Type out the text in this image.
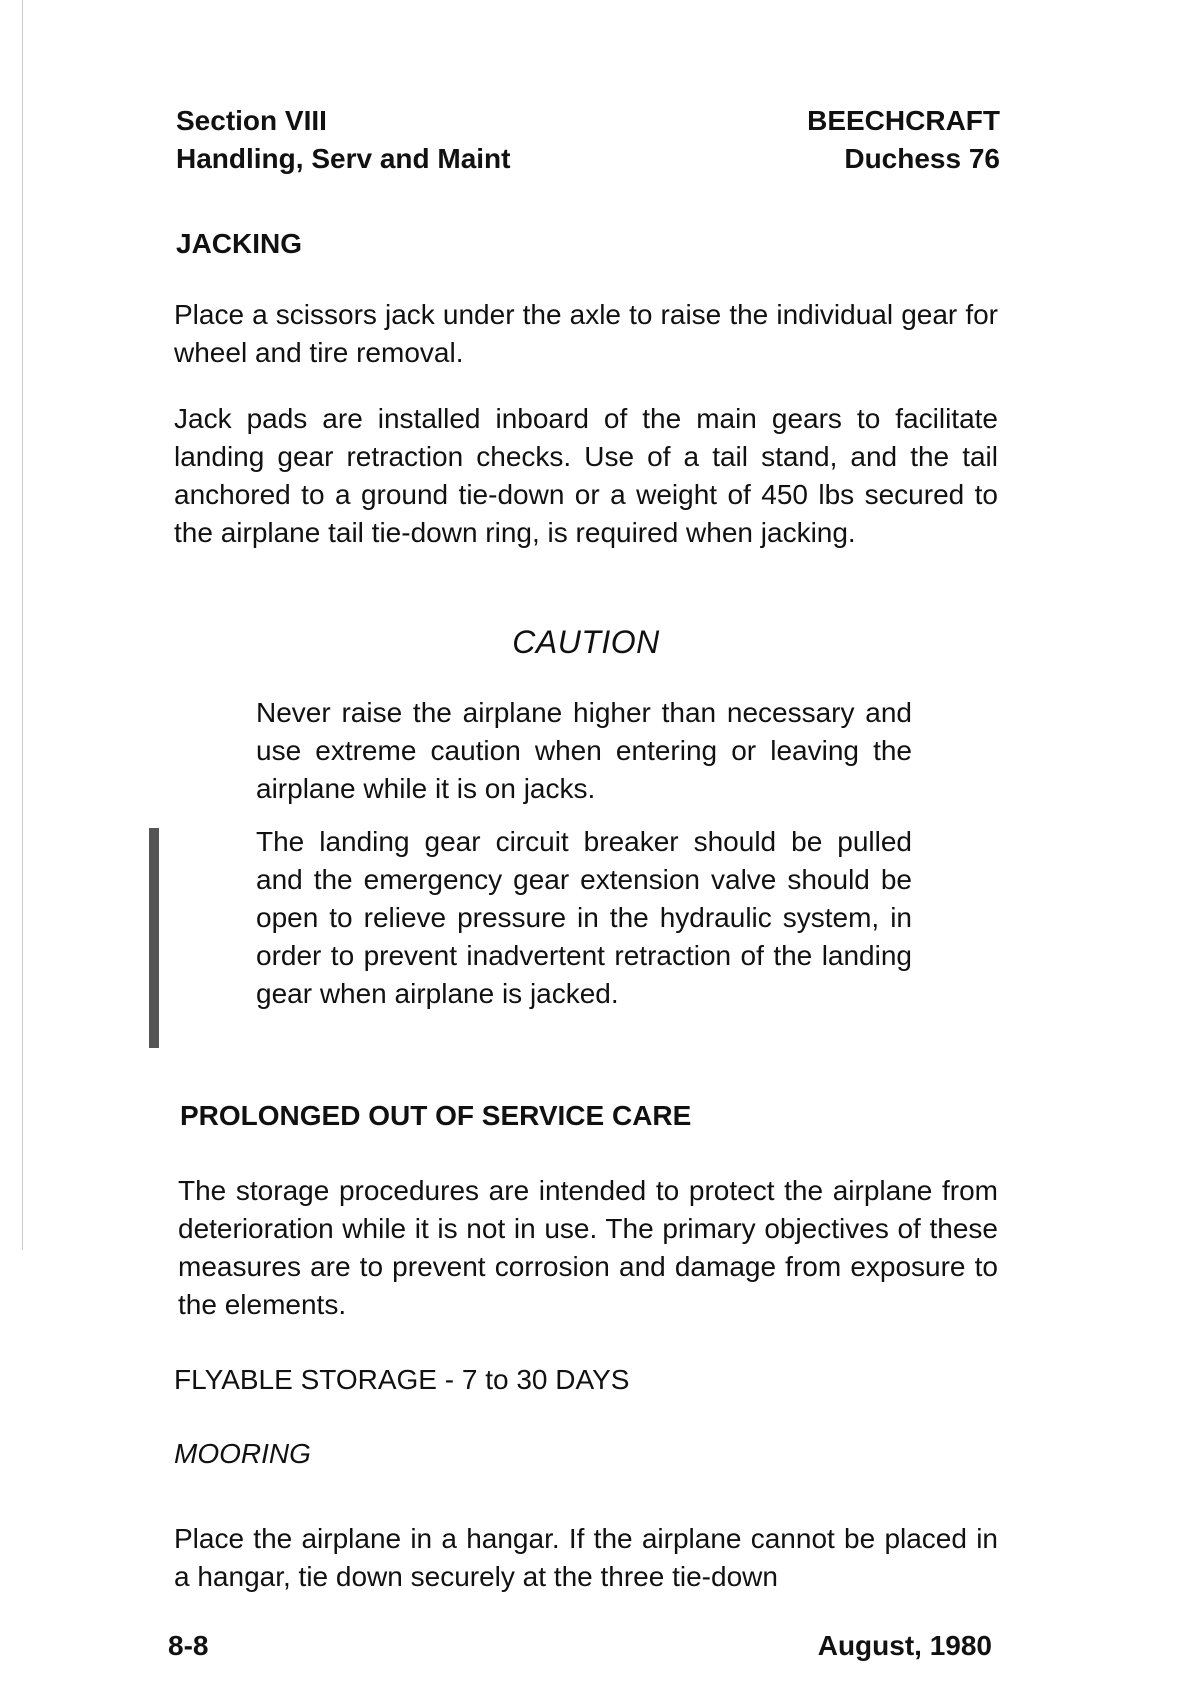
Section VIII
Handling, Serv and Maint
BEECHCRAFT
Duchess 76
JACKING
Place a scissors jack under the axle to raise the individual gear for wheel and tire removal.
Jack pads are installed inboard of the main gears to facilitate landing gear retraction checks. Use of a tail stand, and the tail anchored to a ground tie-down or a weight of 450 lbs secured to the airplane tail tie-down ring, is required when jacking.
CAUTION
Never raise the airplane higher than necessary and use extreme caution when entering or leaving the airplane while it is on jacks.
The landing gear circuit breaker should be pulled and the emergency gear extension valve should be open to relieve pressure in the hydraulic system, in order to prevent inadvertent retraction of the landing gear when airplane is jacked.
PROLONGED OUT OF SERVICE CARE
The storage procedures are intended to protect the airplane from deterioration while it is not in use. The primary objectives of these measures are to prevent corrosion and damage from exposure to the elements.
FLYABLE STORAGE - 7 to 30 DAYS
MOORING
Place the airplane in a hangar. If the airplane cannot be placed in a hangar, tie down securely at the three tie-down
8-8	August, 1980
